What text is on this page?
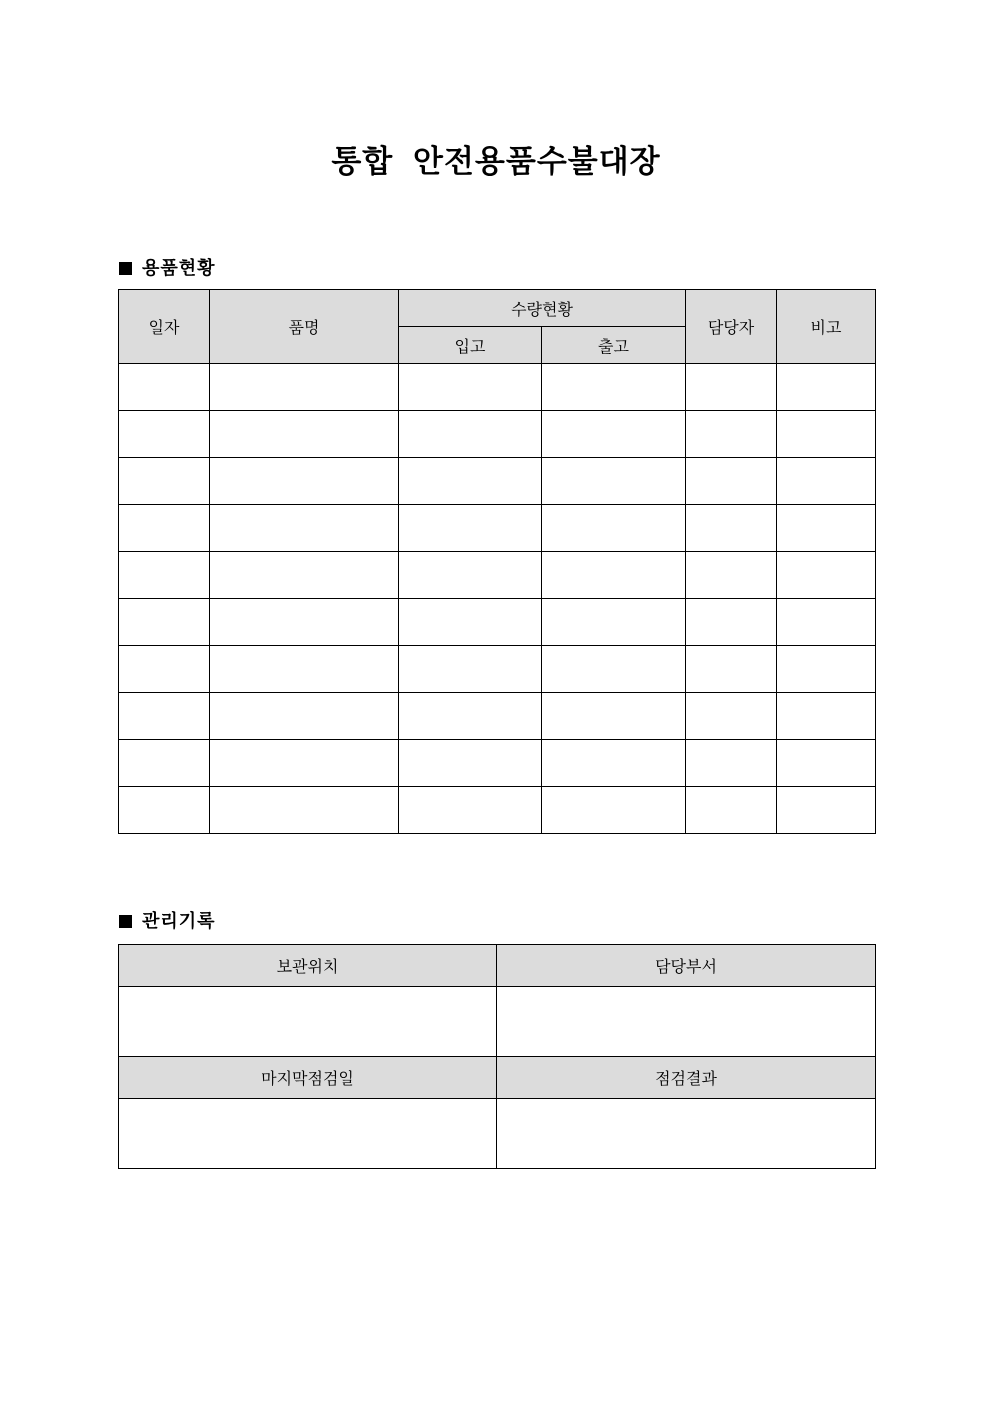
통합 안전용품수불대장
용품현황
일자	품명	수량현황		담당자	비고
		입고	출고		

관리기록
보관위치	담당부서

마지막점검일	점검결과
